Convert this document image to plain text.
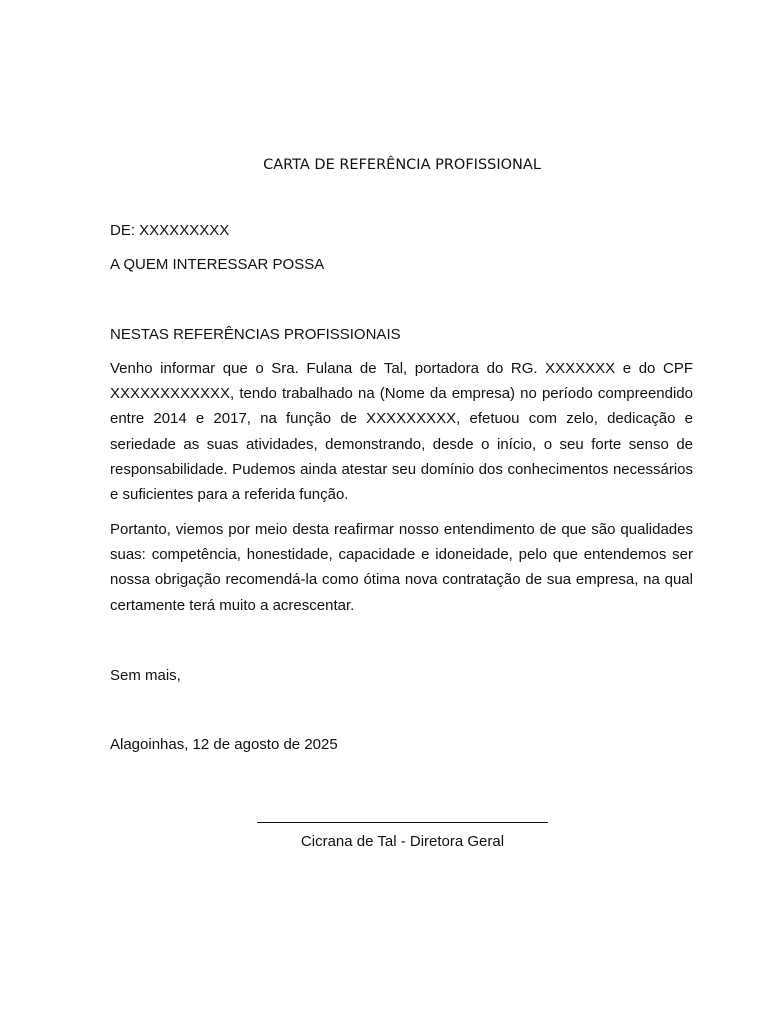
CARTA DE REFERÊNCIA PROFISSIONAL
DE: XXXXXXXXX
A QUEM INTERESSAR POSSA
NESTAS REFERÊNCIAS PROFISSIONAIS
Venho informar que o Sra. Fulana de Tal, portadora do RG. XXXXXXX e do CPF XXXXXXXXXXXX, tendo trabalhado na (Nome da empresa) no período compreendido entre 2014 e 2017, na função de XXXXXXXXX, efetuou com zelo, dedicação e seriedade as suas atividades, demonstrando, desde o início, o seu forte senso de responsabilidade. Pudemos ainda atestar seu domínio dos conhecimentos necessários e suficientes para a referida função.
Portanto, viemos por meio desta reafirmar nosso entendimento de que são qualidades suas: competência, honestidade, capacidade e idoneidade, pelo que entendemos ser nossa obrigação recomendá-la como ótima nova contratação de sua empresa, na qual certamente terá muito a acrescentar.
Sem mais,
Alagoinhas, 12 de agosto de 2025
Cicrana de Tal - Diretora Geral
